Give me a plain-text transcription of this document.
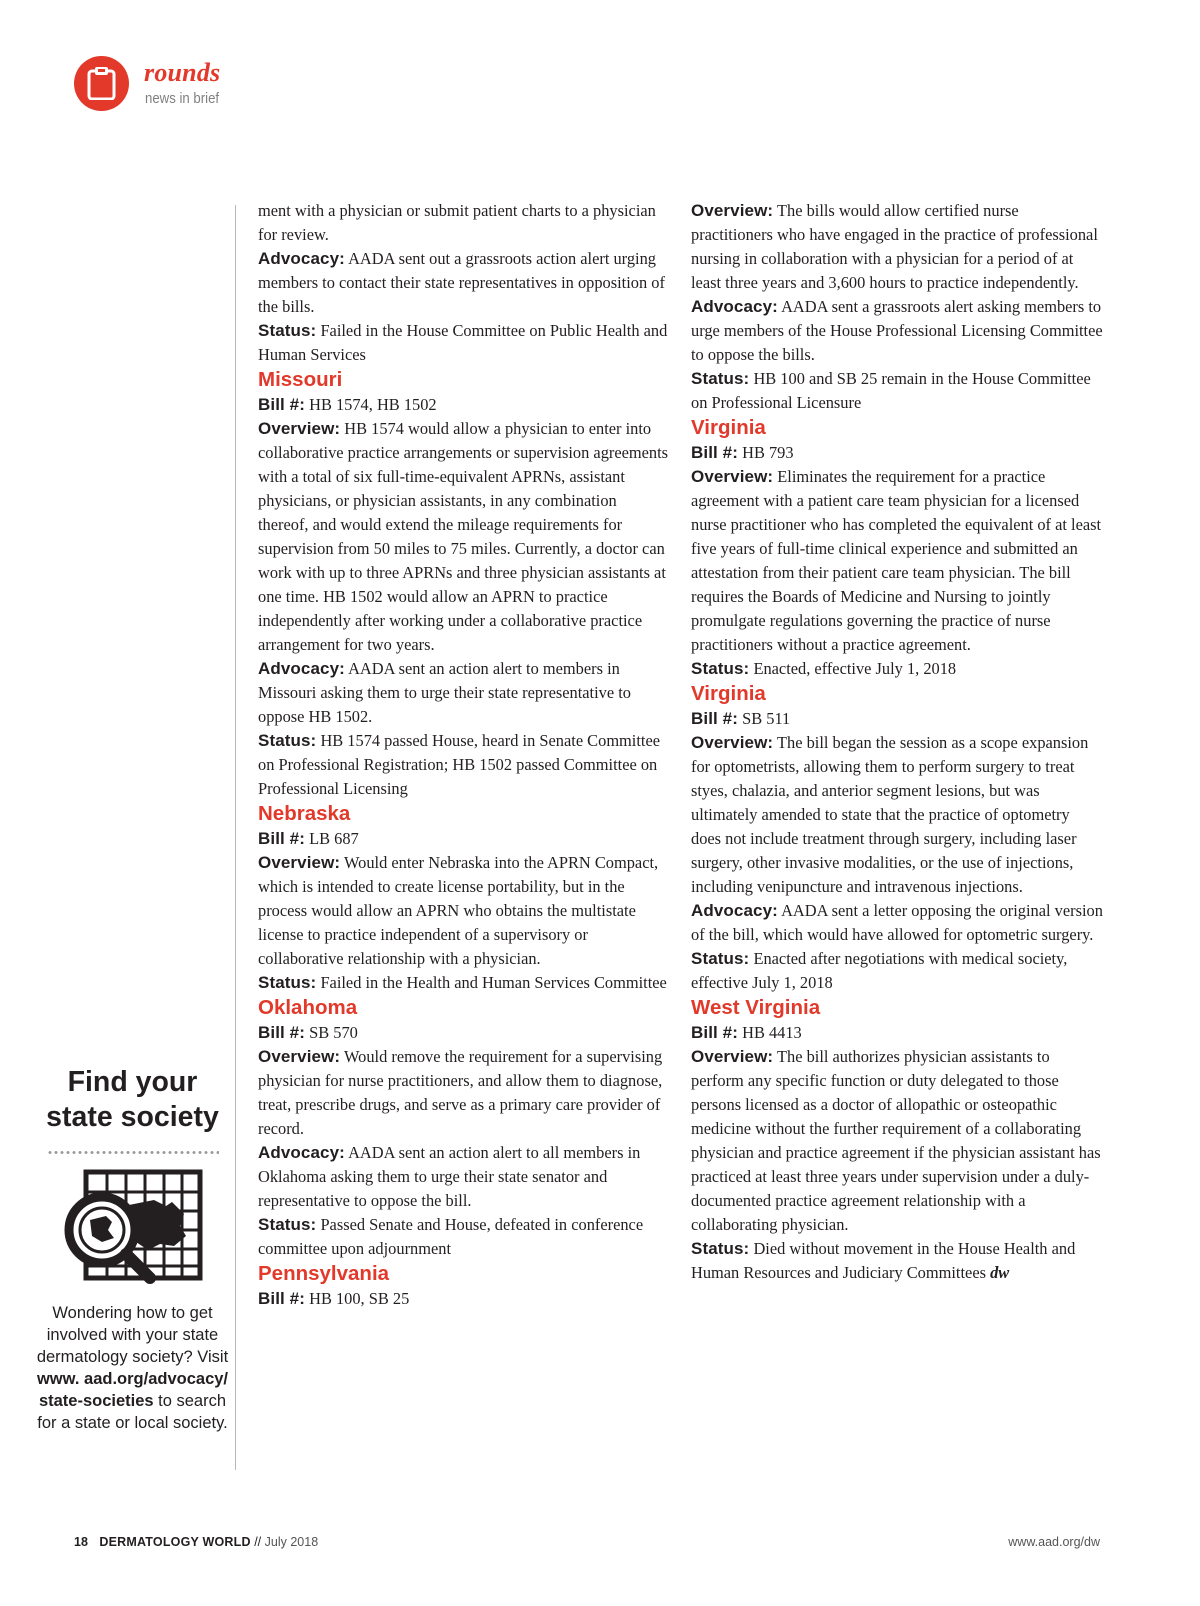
rounds
news in brief
Find your
state society

Wondering how to get involved with your state dermatology society? Visit www. aad.org/advocacy/ state-societies to search for a state or local society.

ment with a physician or submit patient charts to a physician for review.

Advocacy: AADA sent out a grassroots action alert urging members to contact their state representatives in opposition of the bills.

Status: Failed in the House Committee on Public Health and Human Services

Missouri

Bill #: HB 1574, HB 1502

Overview: HB 1574 would allow a physician to enter into collaborative practice arrangements or supervision agreements with a total of six full-time-equivalent APRNs, assistant physicians, or physician assistants, in any combination thereof, and would extend the mileage requirements for supervision from 50 miles to 75 miles. Currently, a doctor can work with up to three APRNs and three physician assistants at one time. HB 1502 would allow an APRN to practice independently after working under a collaborative practice arrangement for two years.

Advocacy: AADA sent an action alert to members in Missouri asking them to urge their state representative to oppose HB 1502.

Status: HB 1574 passed House, heard in Senate Committee on Professional Registration; HB 1502 passed Committee on Professional Licensing

Nebraska

Bill #: LB 687

Overview: Would enter Nebraska into the APRN Compact, which is intended to create license portability, but in the process would allow an APRN who obtains the multistate license to practice independent of a supervisory or collaborative relationship with a physician.

Status: Failed in the Health and Human Services Committee

Oklahoma

Bill #: SB 570

Overview: Would remove the requirement for a supervising physician for nurse practitioners, and allow them to diagnose, treat, prescribe drugs, and serve as a primary care provider of record.

Advocacy: AADA sent an action alert to all members in Oklahoma asking them to urge their state senator and representative to oppose the bill.

Status: Passed Senate and House, defeated in conference committee upon adjournment

Pennsylvania

Bill #: HB 100, SB 25

Overview: The bills would allow certified nurse practitioners who have engaged in the practice of professional nursing in collaboration with a physician for a period of at least three years and 3,600 hours to practice independently.

Advocacy: AADA sent a grassroots alert asking members to urge members of the House Professional Licensing Committee to oppose the bills.

Status: HB 100 and SB 25 remain in the House Committee on Professional Licensure

Virginia

Bill #: HB 793

Overview: Eliminates the requirement for a practice agreement with a patient care team physician for a licensed nurse practitioner who has completed the equivalent of at least five years of full-time clinical experience and submitted an attestation from their patient care team physician. The bill requires the Boards of Medicine and Nursing to jointly promulgate regulations governing the practice of nurse practitioners without a practice agreement.

Status: Enacted, effective July 1, 2018

Virginia

Bill #: SB 511

Overview: The bill began the session as a scope expansion for optometrists, allowing them to perform surgery to treat styes, chalazia, and anterior segment lesions, but was ultimately amended to state that the practice of optometry does not include treatment through surgery, including laser surgery, other invasive modalities, or the use of injections, including venipuncture and intravenous injections.

Advocacy: AADA sent a letter opposing the original version of the bill, which would have allowed for optometric surgery.

Status: Enacted after negotiations with medical society, effective July 1, 2018

West Virginia

Bill #: HB 4413

Overview: The bill authorizes physician assistants to perform any specific function or duty delegated to those persons licensed as a doctor of allopathic or osteopathic medicine without the further requirement of a collaborating physician and practice agreement if the physician assistant has practiced at least three years under supervision under a duly-documented practice agreement relationship with a collaborating physician.

Status: Died without movement in the House Health and Human Resources and Judiciary Committees dw

18 DERMATOLOGY WORLD // July 2018	www.aad.org/dw
